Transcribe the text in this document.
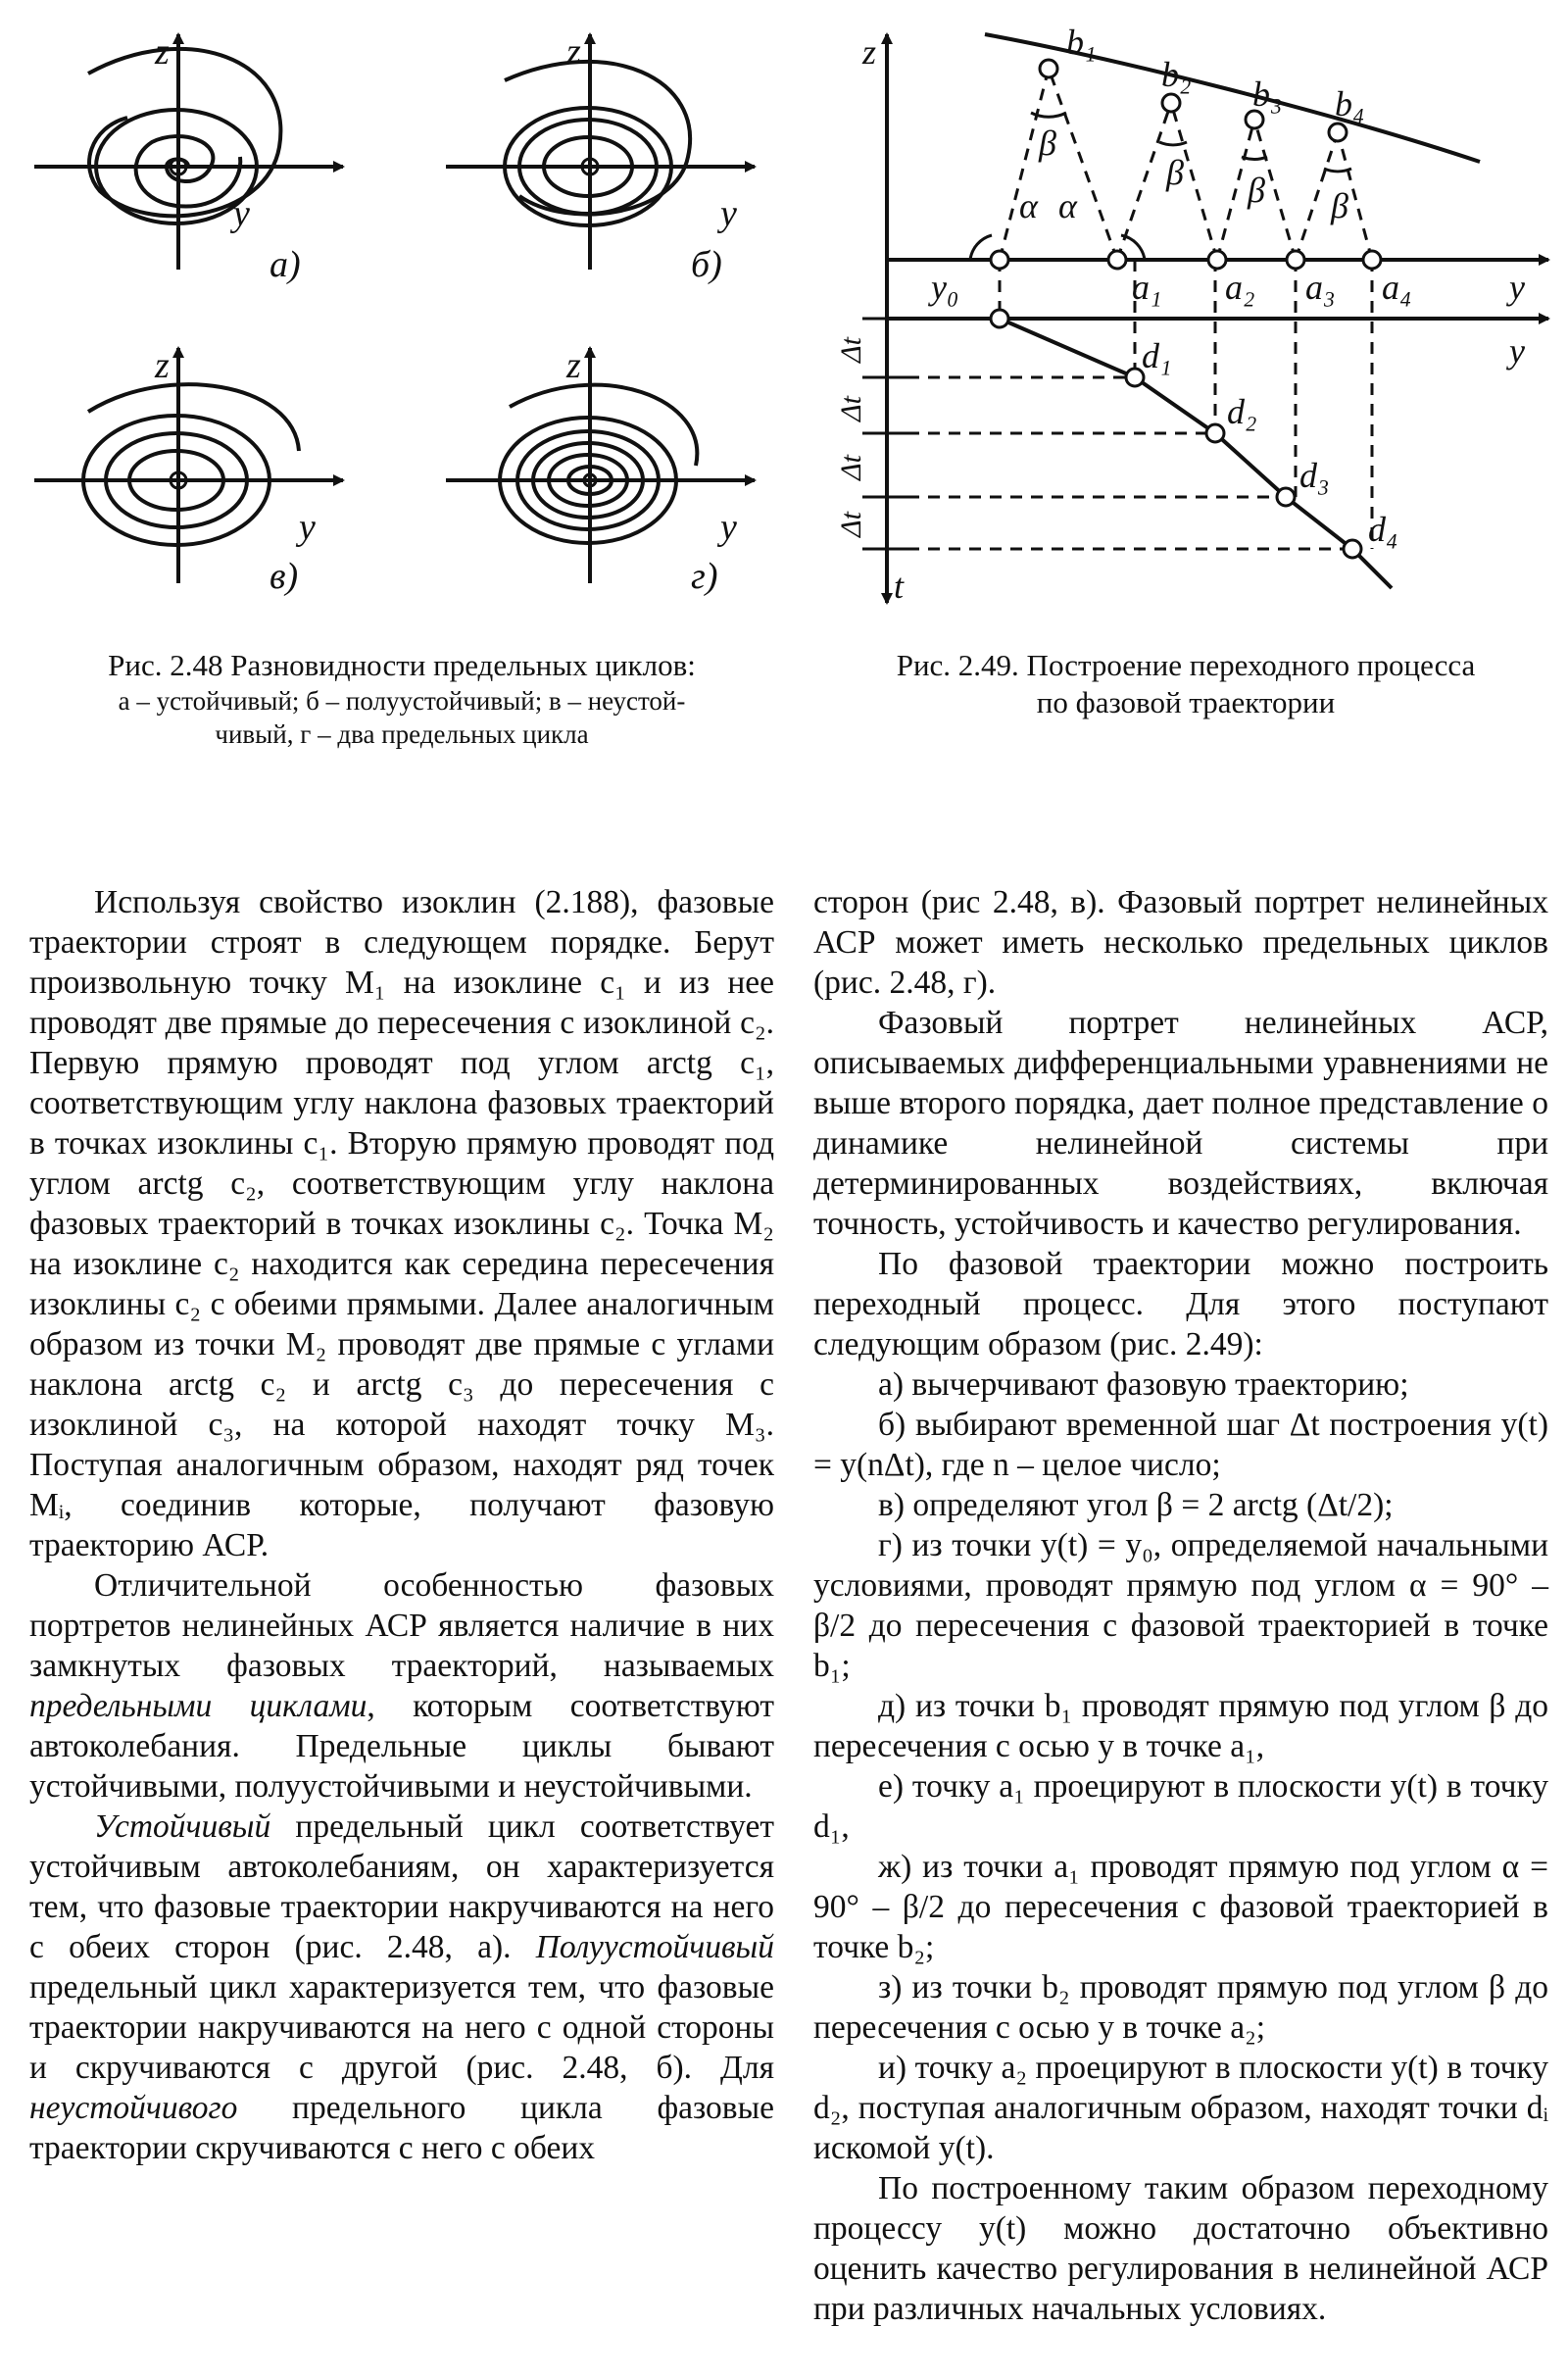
z
y
а)
z
y
б)
z
y
в)
z
y
г)
Рис. 2.48 Разновидности предельных циклов:
а – устойчивый; б – полуустойчивый; в – неустой-
чивый, г – два предельных цикла
z
y
y
t
y₀
b₁
b₂ b₃ b₄
a₁ a₂ a₃ a₄
d₁
d₂
d₃
d₄
α α
β
β β β
Δt
Δt
Δt
Δt
Рис. 2.49. Построение переходного процесса
по фазовой траектории

Используя свойство изоклин (2.188), фазовые траектории строят в следующем порядке. Берут произвольную точку M₁ на изоклине c₁ и из нее проводят две прямые до пересечения с изоклиной c₂. Первую прямую проводят под углом arctg c₁, соответствующим углу наклона фазовых траекторий в точках изоклины c₁. Вторую прямую проводят под углом arctg c₂, соответствующим углу наклона фазовых траекторий в точках изоклины c₂. Точка M₂ на изоклине c₂ находится как середина пересечения изоклины c₂ с обеими прямыми. Далее аналогичным образом из точки M₂ проводят две прямые с углами наклона arctg c₂ и arctg c₃ до пересечения с изоклиной c₃, на которой находят точку M₃. Поступая аналогичным образом, находят ряд точек Mᵢ, соединив которые, получают фазовую траекторию АСР.

Отличительной особенностью фазовых портретов нелинейных АСР является наличие в них замкнутых фазовых траекторий, называемых предельными циклами, которым соответствуют автоколебания. Предельные циклы бывают устойчивыми, полуустойчивыми и неустойчивыми.

Устойчивый предельный цикл соответствует устойчивым автоколебаниям, он характеризуется тем, что фазовые траектории накручиваются на него с обеих сторон (рис. 2.48, а). Полуустойчивый предельный цикл характеризуется тем, что фазовые траектории накручиваются на него с одной стороны и скручиваются с другой (рис. 2.48, б). Для неустойчивого предельного цикла фазовые траектории скручиваются с него с обеих

сторон (рис 2.48, в). Фазовый портрет нелинейных АСР может иметь несколько предельных циклов (рис. 2.48, г).

Фазовый портрет нелинейных АСР, описываемых дифференциальными уравнениями не выше второго порядка, дает полное представление о динамике нелинейной системы при детерминированных воздействиях, включая точность, устойчивость и качество регулирования.

По фазовой траектории можно построить переходный процесс. Для этого поступают следующим образом (рис. 2.49):

а) вычерчивают фазовую траекторию;

б) выбирают временной шаг Δt построения y(t) = y(nΔt), где n – целое число;

в) определяют угол β = 2 arctg (Δt/2);

г) из точки y(t) = y₀, определяемой начальными условиями, проводят прямую под углом α = 90° – β/2 до пересечения с фазовой траекторией в точке b₁;

д) из точки b₁ проводят прямую под углом β до пересечения с осью y в точке a₁,

е) точку a₁ проецируют в плоскости y(t) в точку d₁,

ж) из точки a₁ проводят прямую под углом α = 90° – β/2 до пересечения с фазовой траекторией в точке b₂;

з) из точки b₂ проводят прямую под углом β до пересечения с осью y в точке a₂;

и) точку a₂ проецируют в плоскости y(t) в точку d₂, поступая аналогичным образом, находят точки dᵢ искомой y(t).

По построенному таким образом переходному процессу y(t) можно достаточно объективно оценить качество регулирования в нелинейной АСР при различных начальных условиях.
